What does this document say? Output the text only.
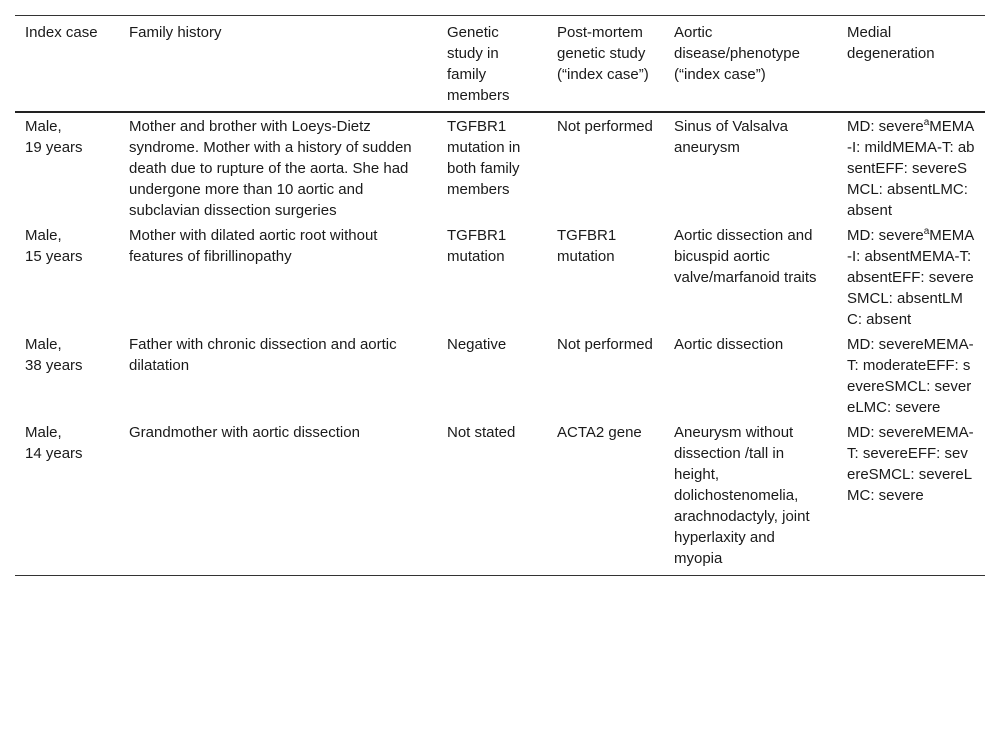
Index case	Family history	Genetic study in family members	Post-mortem genetic study (“index case”)	Aortic disease/phenotype (“index case”)	Medial degeneration

Male,
19 years	Mother and brother with Loeys-Dietz syndrome. Mother with a history of sudden death due to rupture of the aorta. She had undergone more than 10 aortic and subclavian dissection surgeries	TGFBR1 mutation in both family members	Not performed	Sinus of Valsalva aneurysm	MD: severe$^a$MEMA-I: mildMEMA-T: absentEFF: severeSMCL: absentLMC: absent

Male,
15 years	Mother with dilated aortic root without features of fibrillinopathy	TGFBR1 mutation	TGFBR1 mutation	Aortic dissection and bicuspid aortic valve/marfanoid traits	MD: severe$^a$MEMA-I: absentMEMA-T: absentEFF: severeSMCL: absentLMC: absent

Male,
38 years	Father with chronic dissection and aortic dilatation	Negative	Not performed	Aortic dissection	MD: severeMEMA-T: moderateEFF: severeSMCL: severeLMC: severe

Male,
14 years	Grandmother with aortic dissection	Not stated	ACTA2 gene	Aneurysm without dissection /tall in height, dolichostenomelia, arachnodactyly, joint hyperlaxity and myopia	MD: severeMEMA-T: severeEFF: severeSMCL: severeLMC: severe
